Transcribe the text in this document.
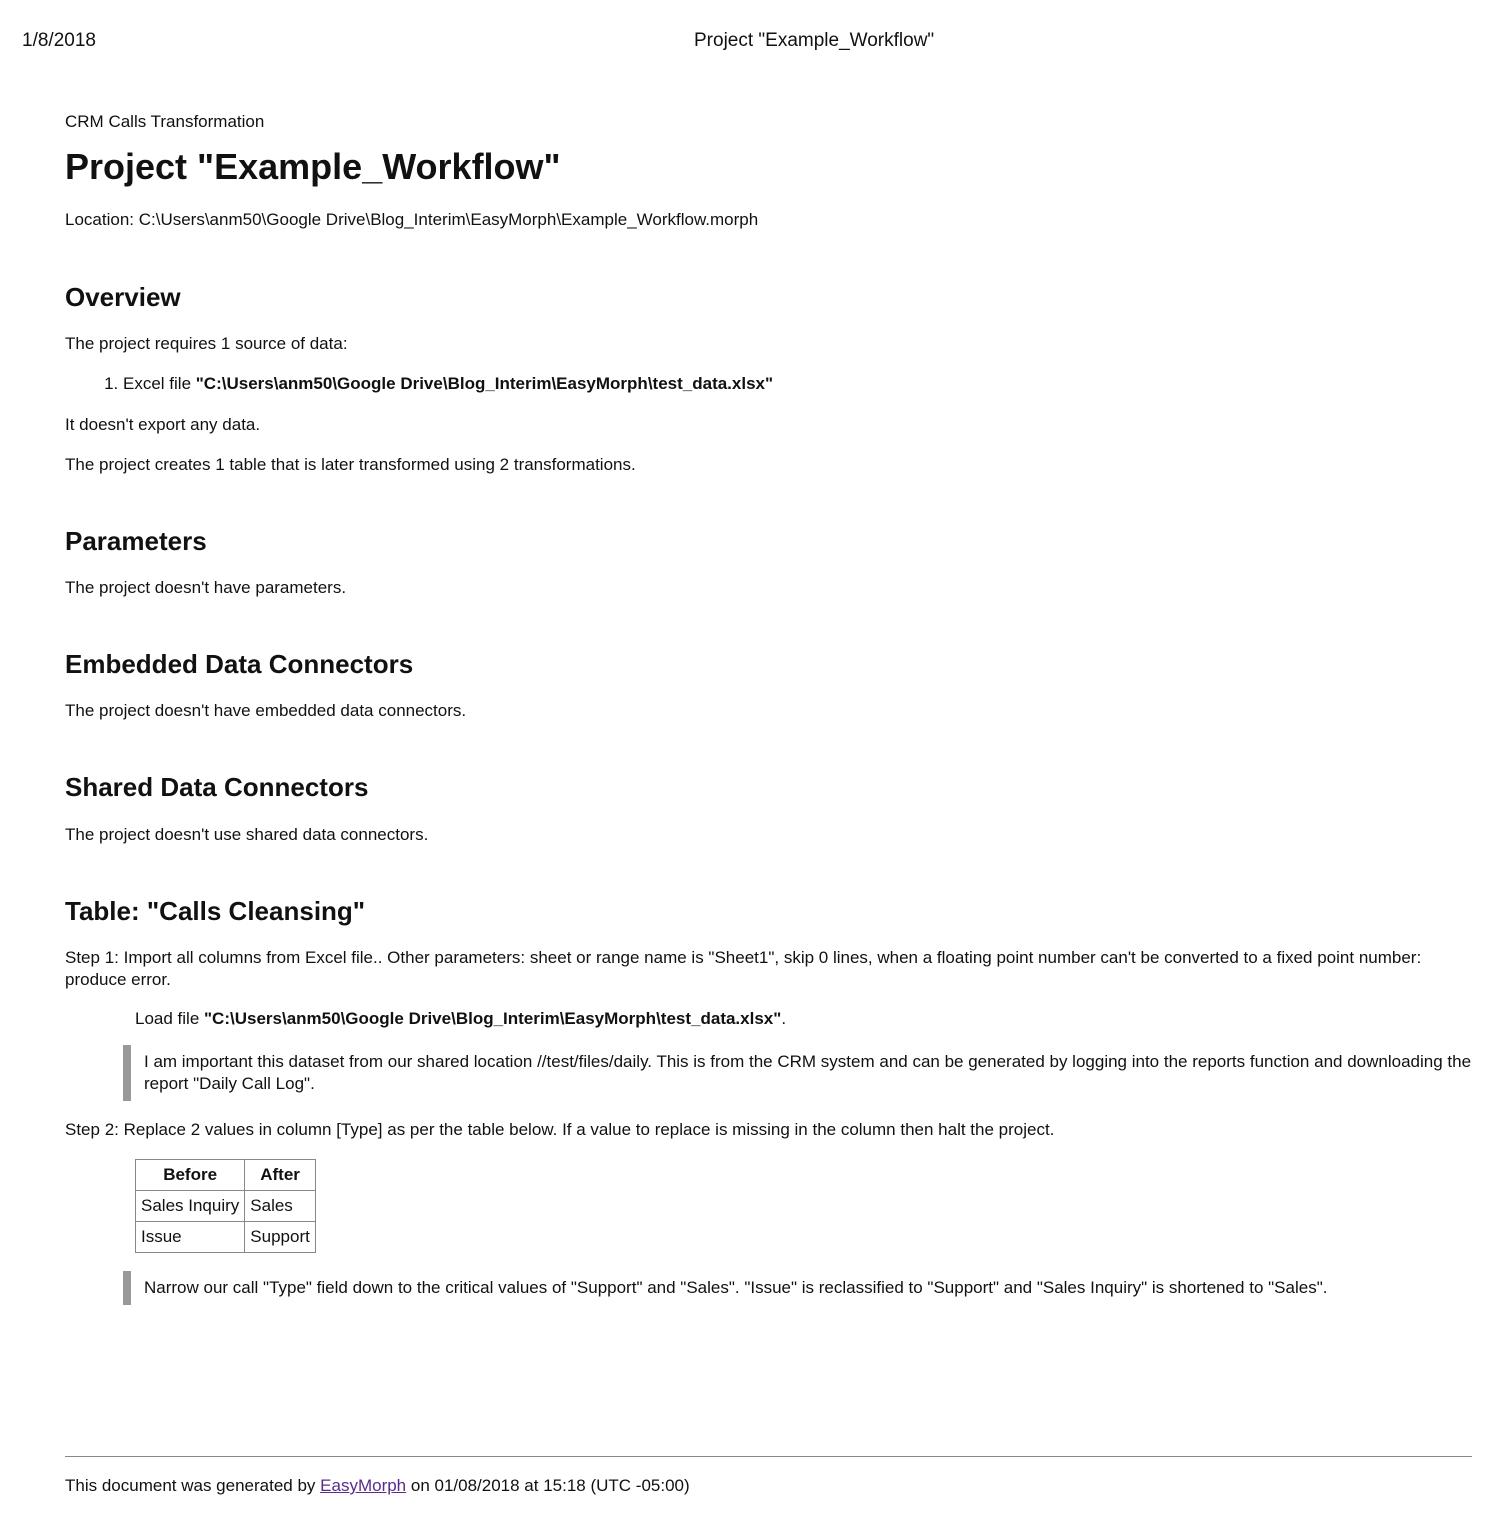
1/8/2018	Project "Example_Workflow"
CRM Calls Transformation
Project "Example_Workflow"
Location: C:\Users\anm50\Google Drive\Blog_Interim\EasyMorph\Example_Workflow.morph
Overview

The project requires 1 source of data:

1. Excel file "C:\Users\anm50\Google Drive\Blog_Interim\EasyMorph\test_data.xlsx"

It doesn't export any data.

The project creates 1 table that is later transformed using 2 transformations.

Parameters

The project doesn't have parameters.

Embedded Data Connectors

The project doesn't have embedded data connectors.

Shared Data Connectors

The project doesn't use shared data connectors.

Table: "Calls Cleansing"

Step 1: Import all columns from Excel file.. Other parameters: sheet or range name is "Sheet1", skip 0 lines, when a floating point number can't be converted to a fixed point number: produce error.

Load file "C:\Users\anm50\Google Drive\Blog_Interim\EasyMorph\test_data.xlsx".
I am important this dataset from our shared location //test/files/daily. This is from the CRM system and can be generated by logging into the reports function and downloading the report "Daily Call Log".

Step 2: Replace 2 values in column [Type] as per the table below. If a value to replace is missing in the column then halt the project.

Before	After
Sales Inquiry	Sales
Issue	Support
Narrow our call "Type" field down to the critical values of "Support" and "Sales". "Issue" is reclassified to "Support" and "Sales Inquiry" is shortened to "Sales".
This document was generated by EasyMorph on 01/08/2018 at 15:18 (UTC -05:00)
